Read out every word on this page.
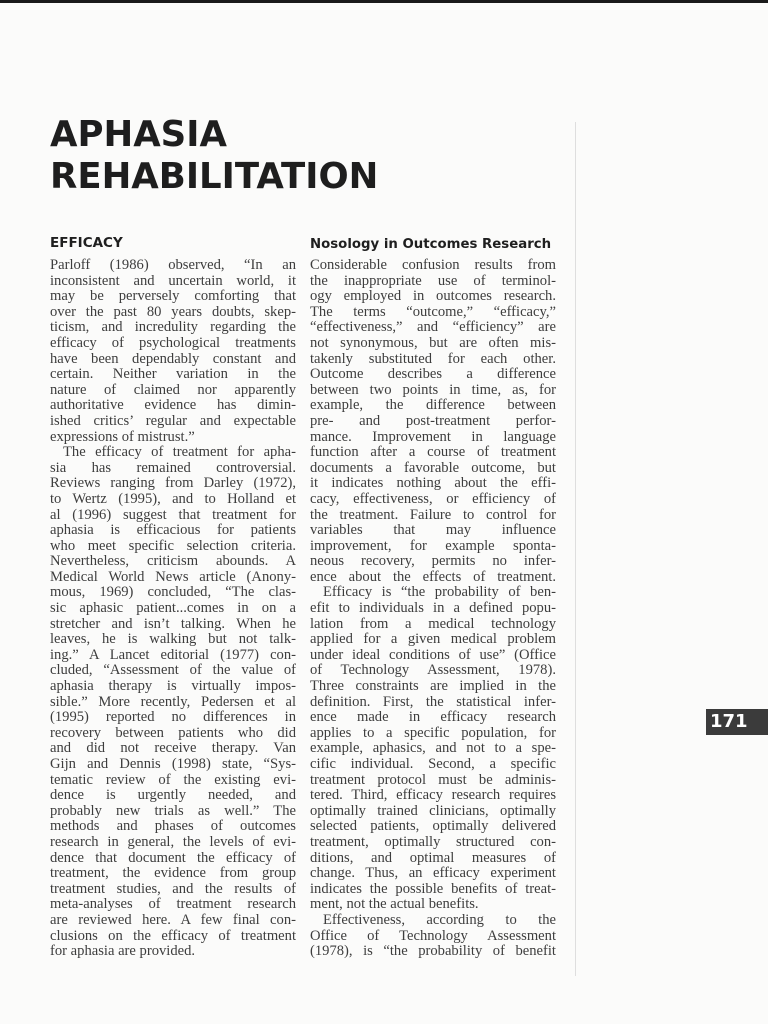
APHASIA
REHABILITATION
EFFICACY
Parloff (1986) observed, “In an
inconsistent and uncertain world, it
may be perversely comforting that
over the past 80 years doubts, skep-
ticism, and incredulity regarding the
efficacy of psychological treatments
have been dependably constant and
certain. Neither variation in the
nature of claimed nor apparently
authoritative evidence has dimin-
ished critics’ regular and expectable
expressions of mistrust.”
The efficacy of treatment for apha-
sia has remained controversial.
Reviews ranging from Darley (1972),
to Wertz (1995), and to Holland et
al (1996) suggest that treatment for
aphasia is efficacious for patients
who meet specific selection criteria.
Nevertheless, criticism abounds. A
Medical World News article (Anony-
mous, 1969) concluded, “The clas-
sic aphasic patient...comes in on a
stretcher and isn’t talking. When he
leaves, he is walking but not talk-
ing.” A Lancet editorial (1977) con-
cluded, “Assessment of the value of
aphasia therapy is virtually impos-
sible.” More recently, Pedersen et al
(1995) reported no differences in
recovery between patients who did
and did not receive therapy. Van
Gijn and Dennis (1998) state, “Sys-
tematic review of the existing evi-
dence is urgently needed, and
probably new trials as well.” The
methods and phases of outcomes
research in general, the levels of evi-
dence that document the efficacy of
treatment, the evidence from group
treatment studies, and the results of
meta-analyses of treatment research
are reviewed here. A few final con-
clusions on the efficacy of treatment
for aphasia are provided.
Nosology in Outcomes Research
Considerable confusion results from
the inappropriate use of terminol-
ogy employed in outcomes research.
The terms “outcome,” “efficacy,”
“effectiveness,” and “efficiency” are
not synonymous, but are often mis-
takenly substituted for each other.
Outcome describes a difference
between two points in time, as, for
example, the difference between
pre- and post-treatment perfor-
mance. Improvement in language
function after a course of treatment
documents a favorable outcome, but
it indicates nothing about the effi-
cacy, effectiveness, or efficiency of
the treatment. Failure to control for
variables that may influence
improvement, for example sponta-
neous recovery, permits no infer-
ence about the effects of treatment.
Efficacy is “the probability of ben-
efit to individuals in a defined popu-
lation from a medical technology
applied for a given medical problem
under ideal conditions of use” (Office
of Technology Assessment, 1978).
Three constraints are implied in the
definition. First, the statistical infer-
ence made in efficacy research
applies to a specific population, for
example, aphasics, and not to a spe-
cific individual. Second, a specific
treatment protocol must be adminis-
tered. Third, efficacy research requires
optimally trained clinicians, optimally
selected patients, optimally delivered
treatment, optimally structured con-
ditions, and optimal measures of
change. Thus, an efficacy experiment
indicates the possible benefits of treat-
ment, not the actual benefits.
Effectiveness, according to the
Office of Technology Assessment
(1978), is “the probability of benefit
171
